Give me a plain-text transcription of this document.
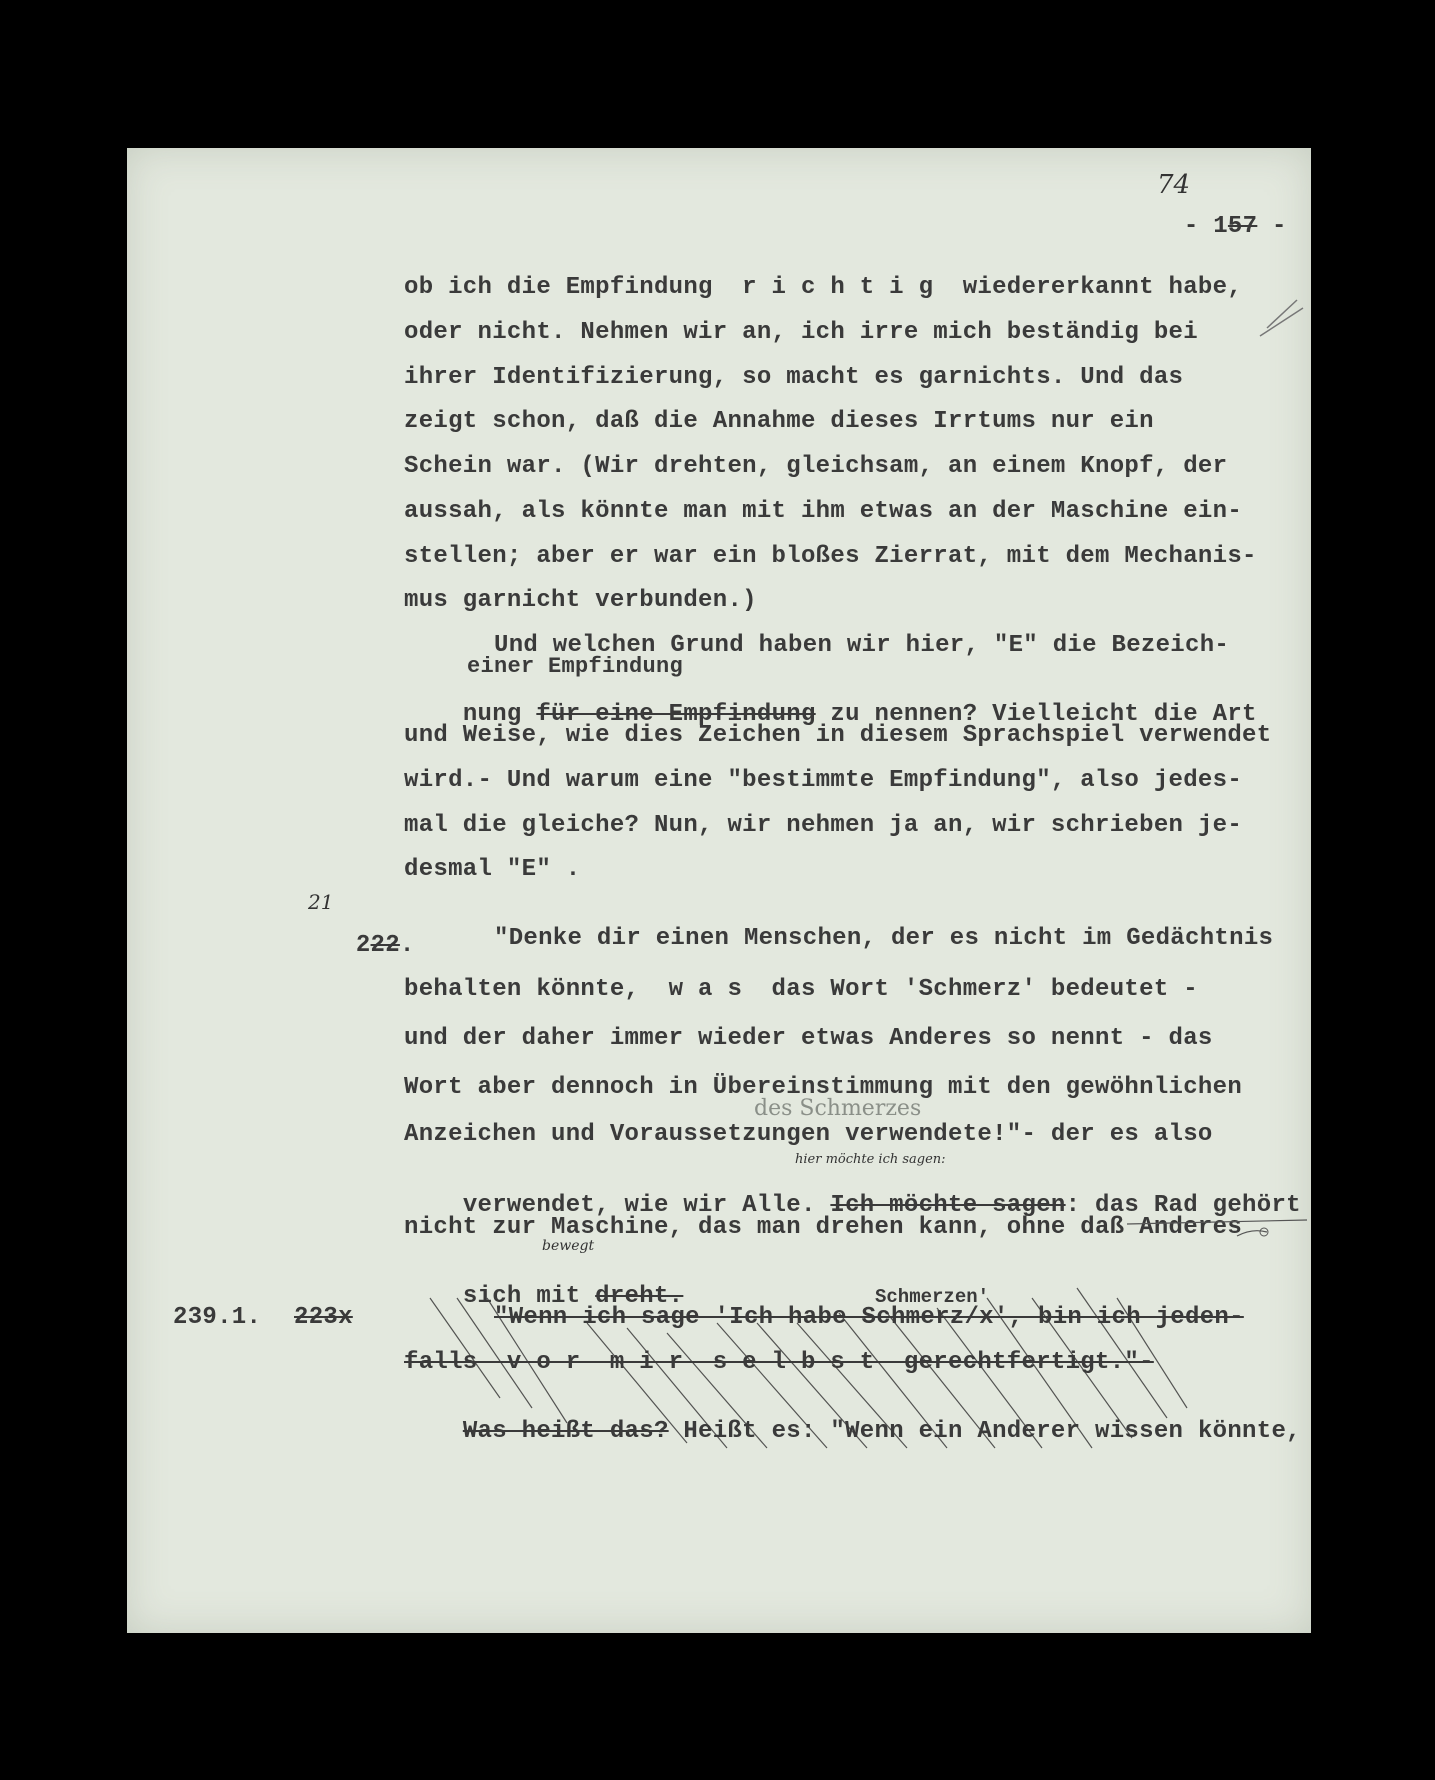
- 157 -

74
ob ich die Empfindung  r i c h t i g  wiedererkannt habe,
oder nicht. Nehmen wir an, ich irre mich beständig bei
ihrer Identifizierung, so macht es garnichts. Und das
zeigt schon, daß die Annahme dieses Irrtums nur ein
Schein war. (Wir drehten, gleichsam, an einem Knopf, der
aussah, als könnte man mit ihm etwas an der Maschine ein-
stellen; aber er war ein bloßes Zierrat, mit dem Mechanis-
mus garnicht verbunden.)
Und welchen Grund haben wir hier, "E" die Bezeich-
einer Empfindung

nung für eine Empfindung zu nennen? Vielleicht die Art

und Weise, wie dies Zeichen in diesem Sprachspiel verwendet
wird.- Und warum eine "bestimmte Empfindung", also jedes-
mal die gleiche? Nun, wir nehmen ja an, wir schrieben je-
desmal "E" .

222.

21
"Denke dir einen Menschen, der es nicht im Gedächtnis
behalten könnte,  w a s  das Wort 'Schmerz' bedeutet -
und der daher immer wieder etwas Anderes so nennt - das
Wort aber dennoch in Übereinstimmung mit den gewöhnlichen
des Schmerzes
Anzeichen und Voraussetzungen verwendete!"- der es also
hier möchte ich sagen:

verwendet, wie wir Alle. Ich möchte sagen: das Rad gehört

nicht zur Maschine, das man drehen kann, ohne daß Anderes
bewegt

sich mit dreht.

239.1. 223x
Schmerzen'
"Wenn ich sage 'Ich habe Schmerz/x', bin ich jeden-
falls  v o r  m i r  s e l b s t  gerechtfertigt."-

Was heißt das? Heißt es: "Wenn ein Anderer wissen könnte,
